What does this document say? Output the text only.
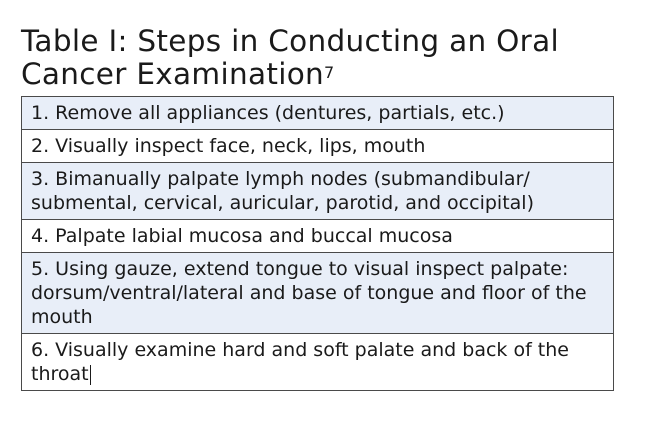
Table I: Steps in Conducting an Oral Cancer Examination$^7$
1. Remove all appliances (dentures, partials, etc.)
2. Visually inspect face, neck, lips, mouth
3. Bimanually palpate lymph nodes (submandibular/ submental, cervical, auricular, parotid, and occipital)
4. Palpate labial mucosa and buccal mucosa
5. Using gauze, extend tongue to visual inspect palpate: dorsum/ventral/lateral and base of tongue and floor of the mouth
6. Visually examine hard and soft palate and back of the throat
